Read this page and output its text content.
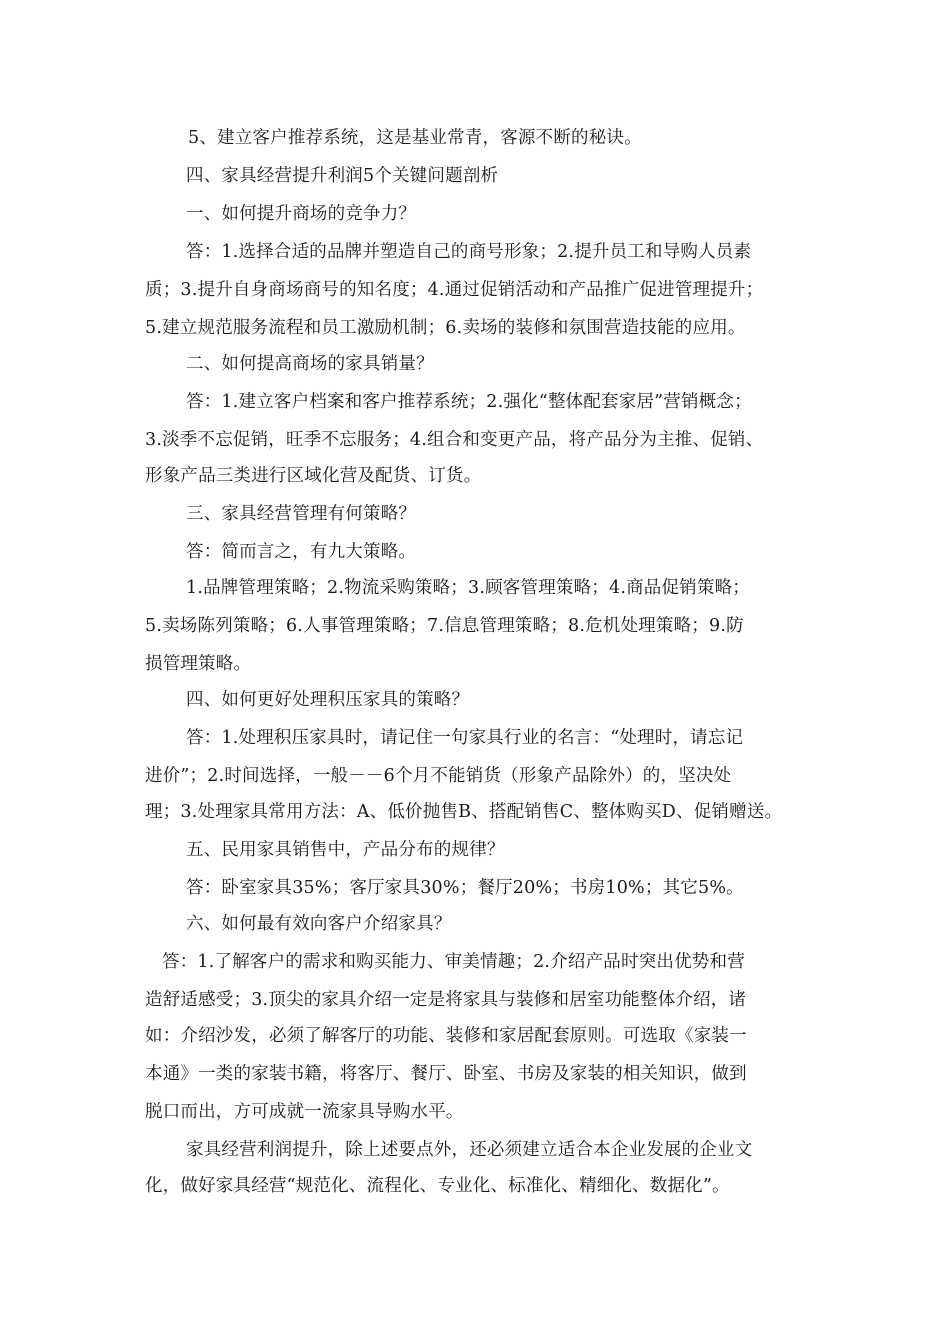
5、建立客户推荐系统，这是基业常青，客源不断的秘诀。
四、家具经营提升利润5个关键问题剖析
一、如何提升商场的竞争力？
答：1.选择合适的品牌并塑造自己的商号形象；2.提升员工和导购人员素
质；3.提升自身商场商号的知名度；4.通过促销活动和产品推广促进管理提升；
5.建立规范服务流程和员工激励机制；6.卖场的装修和氛围营造技能的应用。
二、如何提高商场的家具销量？
答：1.建立客户档案和客户推荐系统；2.强化“整体配套家居”营销概念；
3.淡季不忘促销，旺季不忘服务；4.组合和变更产品，将产品分为主推、促销、
形象产品三类进行区域化营及配货、订货。
三、家具经营管理有何策略？
答：简而言之，有九大策略。
1.品牌管理策略；2.物流采购策略；3.顾客管理策略；4.商品促销策略；
5.卖场陈列策略；6.人事管理策略；7.信息管理策略；8.危机处理策略；9.防
损管理策略。
四、如何更好处理积压家具的策略？
答：1.处理积压家具时，请记住一句家具行业的名言：“处理时，请忘记
进价”；2.时间选择，一般－－6个月不能销货（形象产品除外）的，坚决处
理；3.处理家具常用方法：A、低价抛售B、搭配销售C、整体购买D、促销赠送。
五、民用家具销售中，产品分布的规律？
答：卧室家具35%；客厅家具30%；餐厅20%；书房10%；其它5%。
六、如何最有效向客户介绍家具？
答：1.了解客户的需求和购买能力、审美情趣；2.介绍产品时突出优势和营
造舒适感受；3.顶尖的家具介绍一定是将家具与装修和居室功能整体介绍，诸
如：介绍沙发，必须了解客厅的功能、装修和家居配套原则。可选取《家装一
本通》一类的家装书籍，将客厅、餐厅、卧室、书房及家装的相关知识，做到
脱口而出，方可成就一流家具导购水平。
家具经营利润提升，除上述要点外，还必须建立适合本企业发展的企业文
化，做好家具经营“规范化、流程化、专业化、标准化、精细化、数据化”。
